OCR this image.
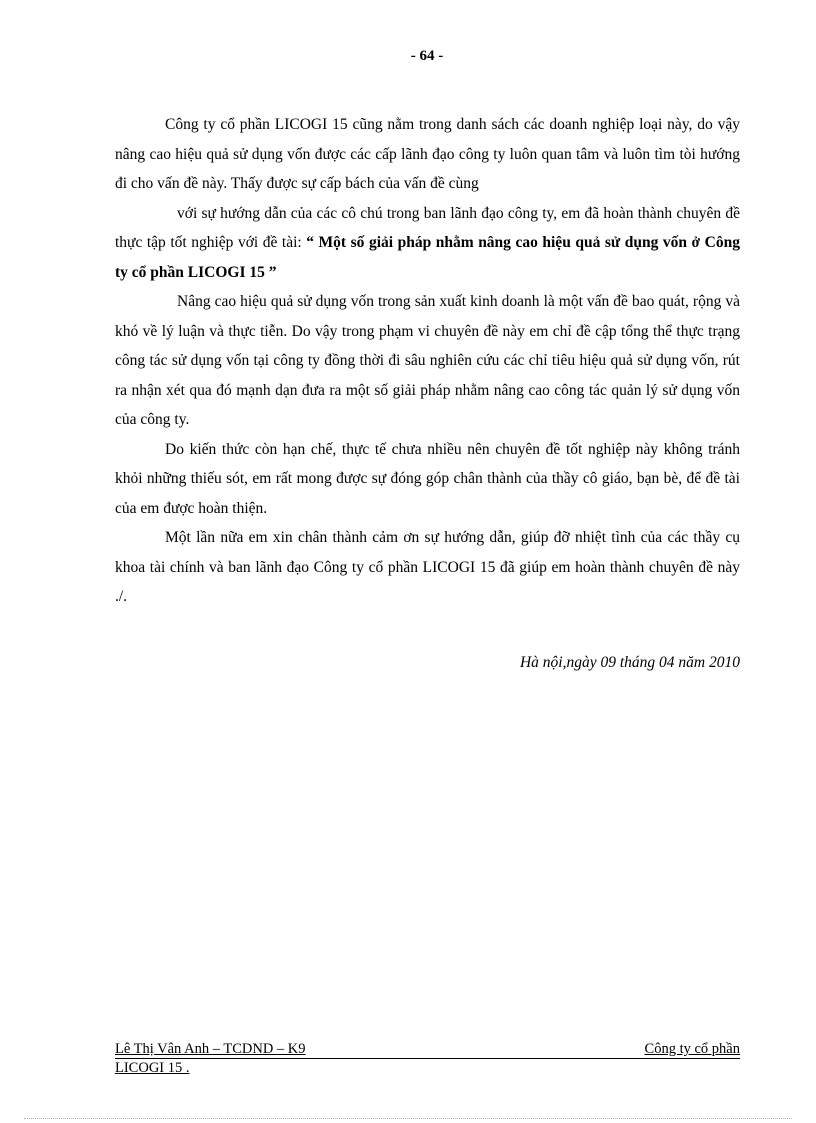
- 64 -

Công ty cổ phần LICOGI 15 cũng nằm trong danh sách các doanh nghiệp loại này, do vậy nâng cao hiệu quả sử dụng vốn được các cấp lãnh đạo công ty luôn quan tâm và luôn tìm tòi hướng đi cho vấn đề này. Thấy được sự cấp bách của vấn đề cùng

với sự hướng dẫn của các cô chú trong ban lãnh đạo công ty, em đã hoàn thành chuyên đề thực tập tốt nghiệp với đề tài: “ Một số giải pháp nhằm nâng cao hiệu quả sử dụng vốn ở Công ty cổ phần LICOGI 15 ”

Nâng cao hiệu quả sử dụng vốn trong sản xuất kinh doanh là một vấn đề bao quát, rộng và khó về lý luận và thực tiễn. Do vậy trong phạm vi chuyên đề này em chỉ đề cập tổng thể thực trạng công tác sử dụng vốn tại công ty đồng thời đi sâu nghiên cứu các chỉ tiêu hiệu quả sử dụng vốn, rút ra nhận xét qua đó mạnh dạn đưa ra một số giải pháp nhằm nâng cao công tác quản lý sử dụng vốn của công ty.

Do kiến thức còn hạn chế, thực tế chưa nhiều nên chuyên đề tốt nghiệp này không tránh khỏi những thiếu sót, em rất mong được sự đóng góp chân thành của thầy cô giáo, bạn bè, để đề tài của em được hoàn thiện.

Một lần nữa em xin chân thành cảm ơn sự hướng dẫn, giúp đỡ nhiệt tình của các thầy cụ khoa tài chính và ban lãnh đạo Công ty cổ phần LICOGI 15 đã giúp em hoàn thành chuyên đề này ./.

Hà nội,ngày 09 tháng 04 năm 2010
Lê Thị Vân Anh – TCDND – K9	Công ty cổ phần
LICOGI 15 .
